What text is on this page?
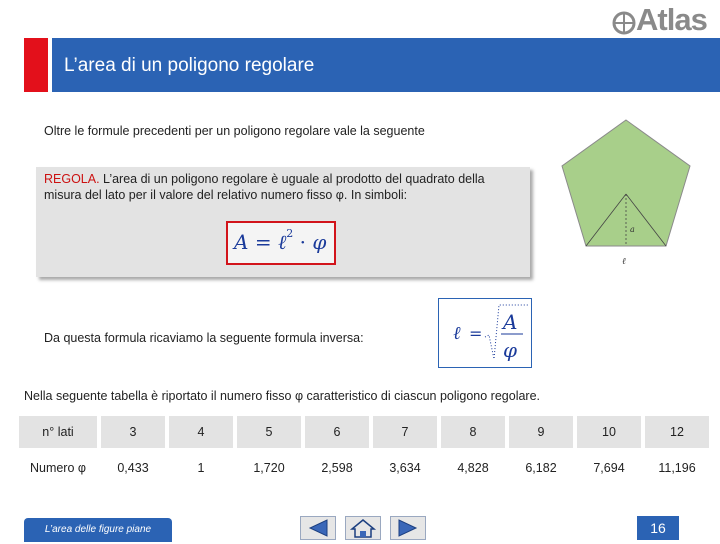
Atlas
L’area di un poligono regolare
Oltre le formule precedenti per un poligono regolare vale la seguente
REGOLA. L’area di un poligono regolare è uguale al prodotto del quadrato della misura del lato per il valore del relativo numero fisso φ. In simboli:
A = ℓ$^2$ · φ
a
ℓ
Da questa formula ricaviamo la seguente formula inversa:	ℓ = A
φ
Nella seguente tabella è riportato il numero fisso φ caratteristico di ciascun poligono regolare.
n° lati	3	4	5	6	7	8	9	10	12
Numero φ	0,433	1	1,720	2,598	3,634	4,828	6,182	7,694	11,196
L’area delle figure piane	16
